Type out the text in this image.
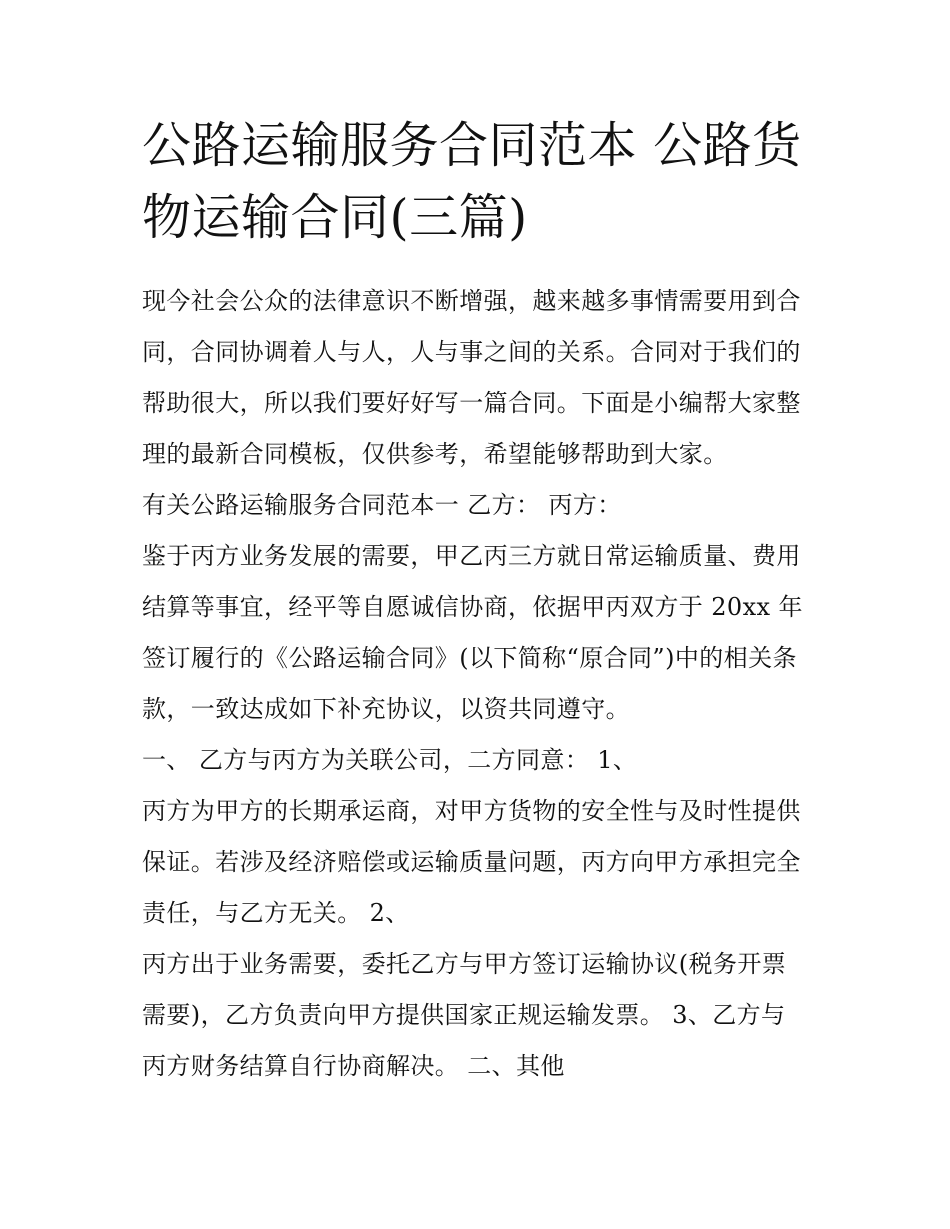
公路运输服务合同范本 公路货
物运输合同(三篇)

现今社会公众的法律意识不断增强，越来越多事情需要用到合
同，合同协调着人与人，人与事之间的关系。合同对于我们的
帮助很大，所以我们要好好写一篇合同。下面是小编帮大家整
理的最新合同模板，仅供参考，希望能够帮助到大家。

有关公路运输服务合同范本一 乙方： 丙方：

鉴于丙方业务发展的需要，甲乙丙三方就日常运输质量、费用
结算等事宜，经平等自愿诚信协商，依据甲丙双方于 20xx 年
签订履行的《公路运输合同》(以下简称“原合同”)中的相关条
款，一致达成如下补充协议，以资共同遵守。

一、 乙方与丙方为关联公司，二方同意： 1、

丙方为甲方的长期承运商，对甲方货物的安全性与及时性提供
保证。若涉及经济赔偿或运输质量问题，丙方向甲方承担完全
责任，与乙方无关。 2、

丙方出于业务需要，委托乙方与甲方签订运输协议(税务开票
需要)，乙方负责向甲方提供国家正规运输发票。 3、乙方与
丙方财务结算自行协商解决。 二、其他
